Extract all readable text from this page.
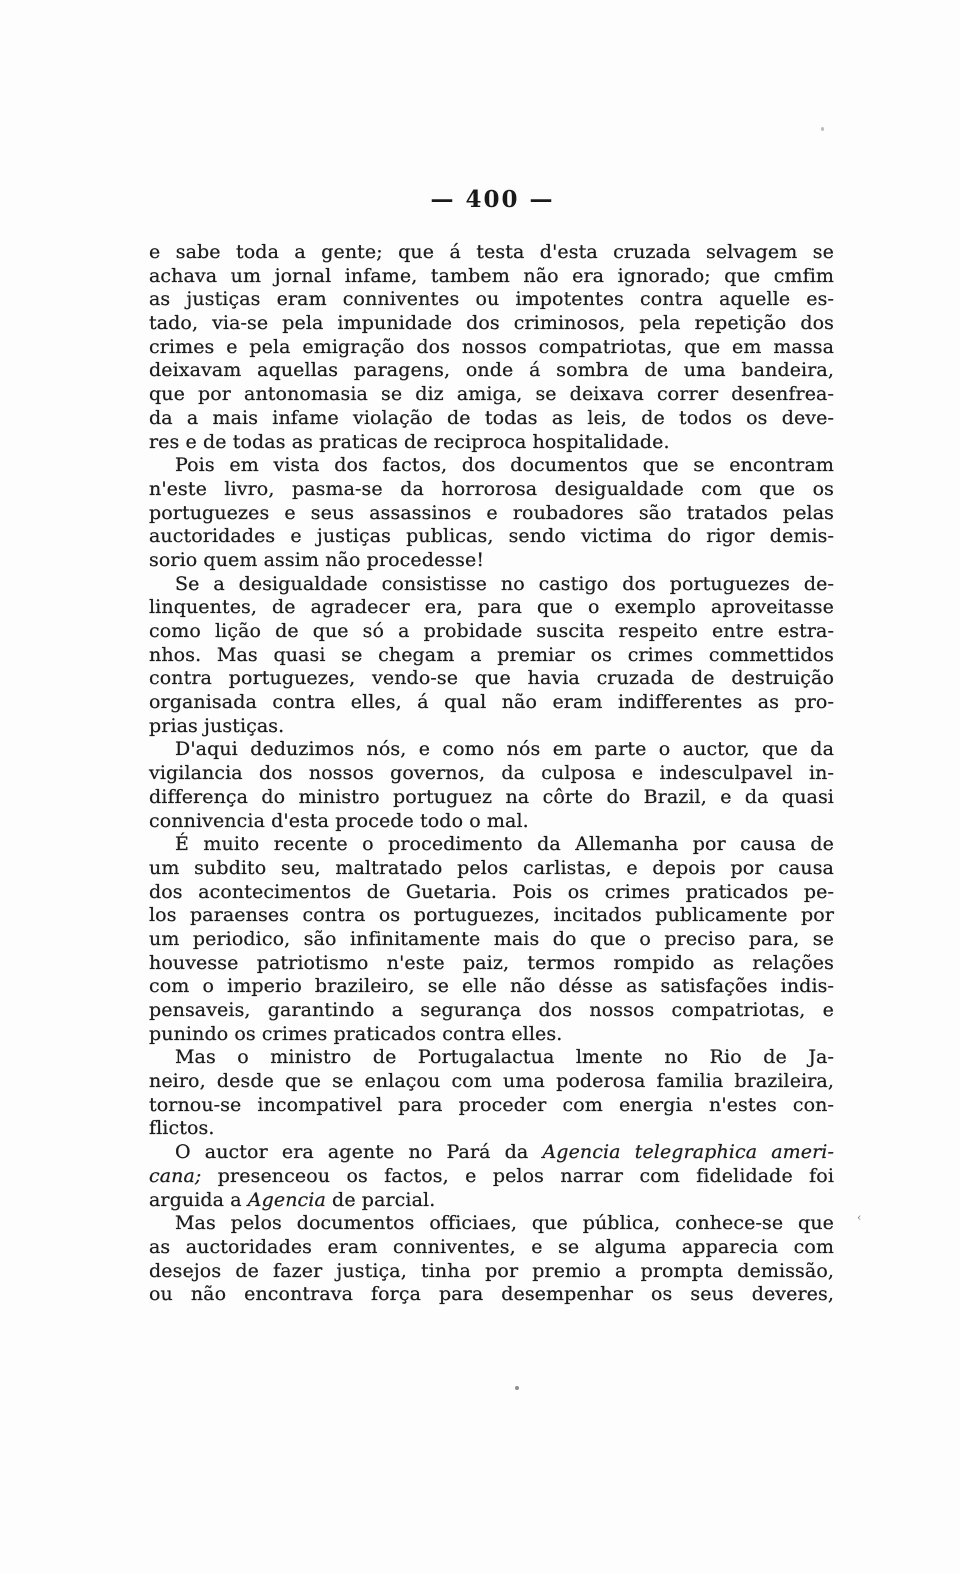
— 400 —
e sabe toda a gente; que á testa d'esta cruzada selvagem se
achava um jornal infame, tambem não era ignorado; que cmfim
as justiças eram conniventes ou impotentes contra aquelle es-
tado, via-se pela impunidade dos criminosos, pela repetição dos
crimes e pela emigração dos nossos compatriotas, que em massa
deixavam aquellas paragens, onde á sombra de uma bandeira,
que por antonomasia se diz amiga, se deixava correr desenfrea-
da a mais infame violação de todas as leis, de todos os deve-
res e de todas as praticas de reciproca hospitalidade.
Pois em vista dos factos, dos documentos que se encontram
n'este livro, pasma-se da horrorosa desigualdade com que os
portuguezes e seus assassinos e roubadores são tratados pelas
auctoridades e justiças publicas, sendo victima do rigor demis-
sorio quem assim não procedesse!
Se a desigualdade consistisse no castigo dos portuguezes de-
linquentes, de agradecer era, para que o exemplo aproveitasse
como lição de que só a probidade suscita respeito entre estra-
nhos. Mas quasi se chegam a premiar os crimes commettidos
contra portuguezes, vendo-se que havia cruzada de destruição
organisada contra elles, á qual não eram indifferentes as pro-
prias justiças.
D'aqui deduzimos nós, e como nós em parte o auctor, que da
vigilancia dos nossos governos, da culposa e indesculpavel in-
differença do ministro portuguez na côrte do Brazil, e da quasi
connivencia d'esta procede todo o mal.
É muito recente o procedimento da Allemanha por causa de
um subdito seu, maltratado pelos carlistas, e depois por causa
dos acontecimentos de Guetaria. Pois os crimes praticados pe-
los paraenses contra os portuguezes, incitados publicamente por
um periodico, são infinitamente mais do que o preciso para, se
houvesse patriotismo n'este paiz, termos rompido as relações
com o imperio brazileiro, se elle não désse as satisfações indis-
pensaveis, garantindo a segurança dos nossos compatriotas, e
punindo os crimes praticados contra elles.
Mas o ministro de Portugalactua lmente no Rio de Ja-
neiro, desde que se enlaçou com uma poderosa familia brazileira,
tornou-se incompativel para proceder com energia n'estes con-
flictos.
O auctor era agente no Pará da Agencia telegraphica ameri-
cana; presenceou os factos, e pelos narrar com fidelidade foi
arguida a Agencia de parcial.
Mas pelos documentos officiaes, que pública, conhece-se que
as auctoridades eram conniventes, e se alguma apparecia com
desejos de fazer justiça, tinha por premio a prompta demissão,
ou não encontrava força para desempenhar os seus deveres,
‹
